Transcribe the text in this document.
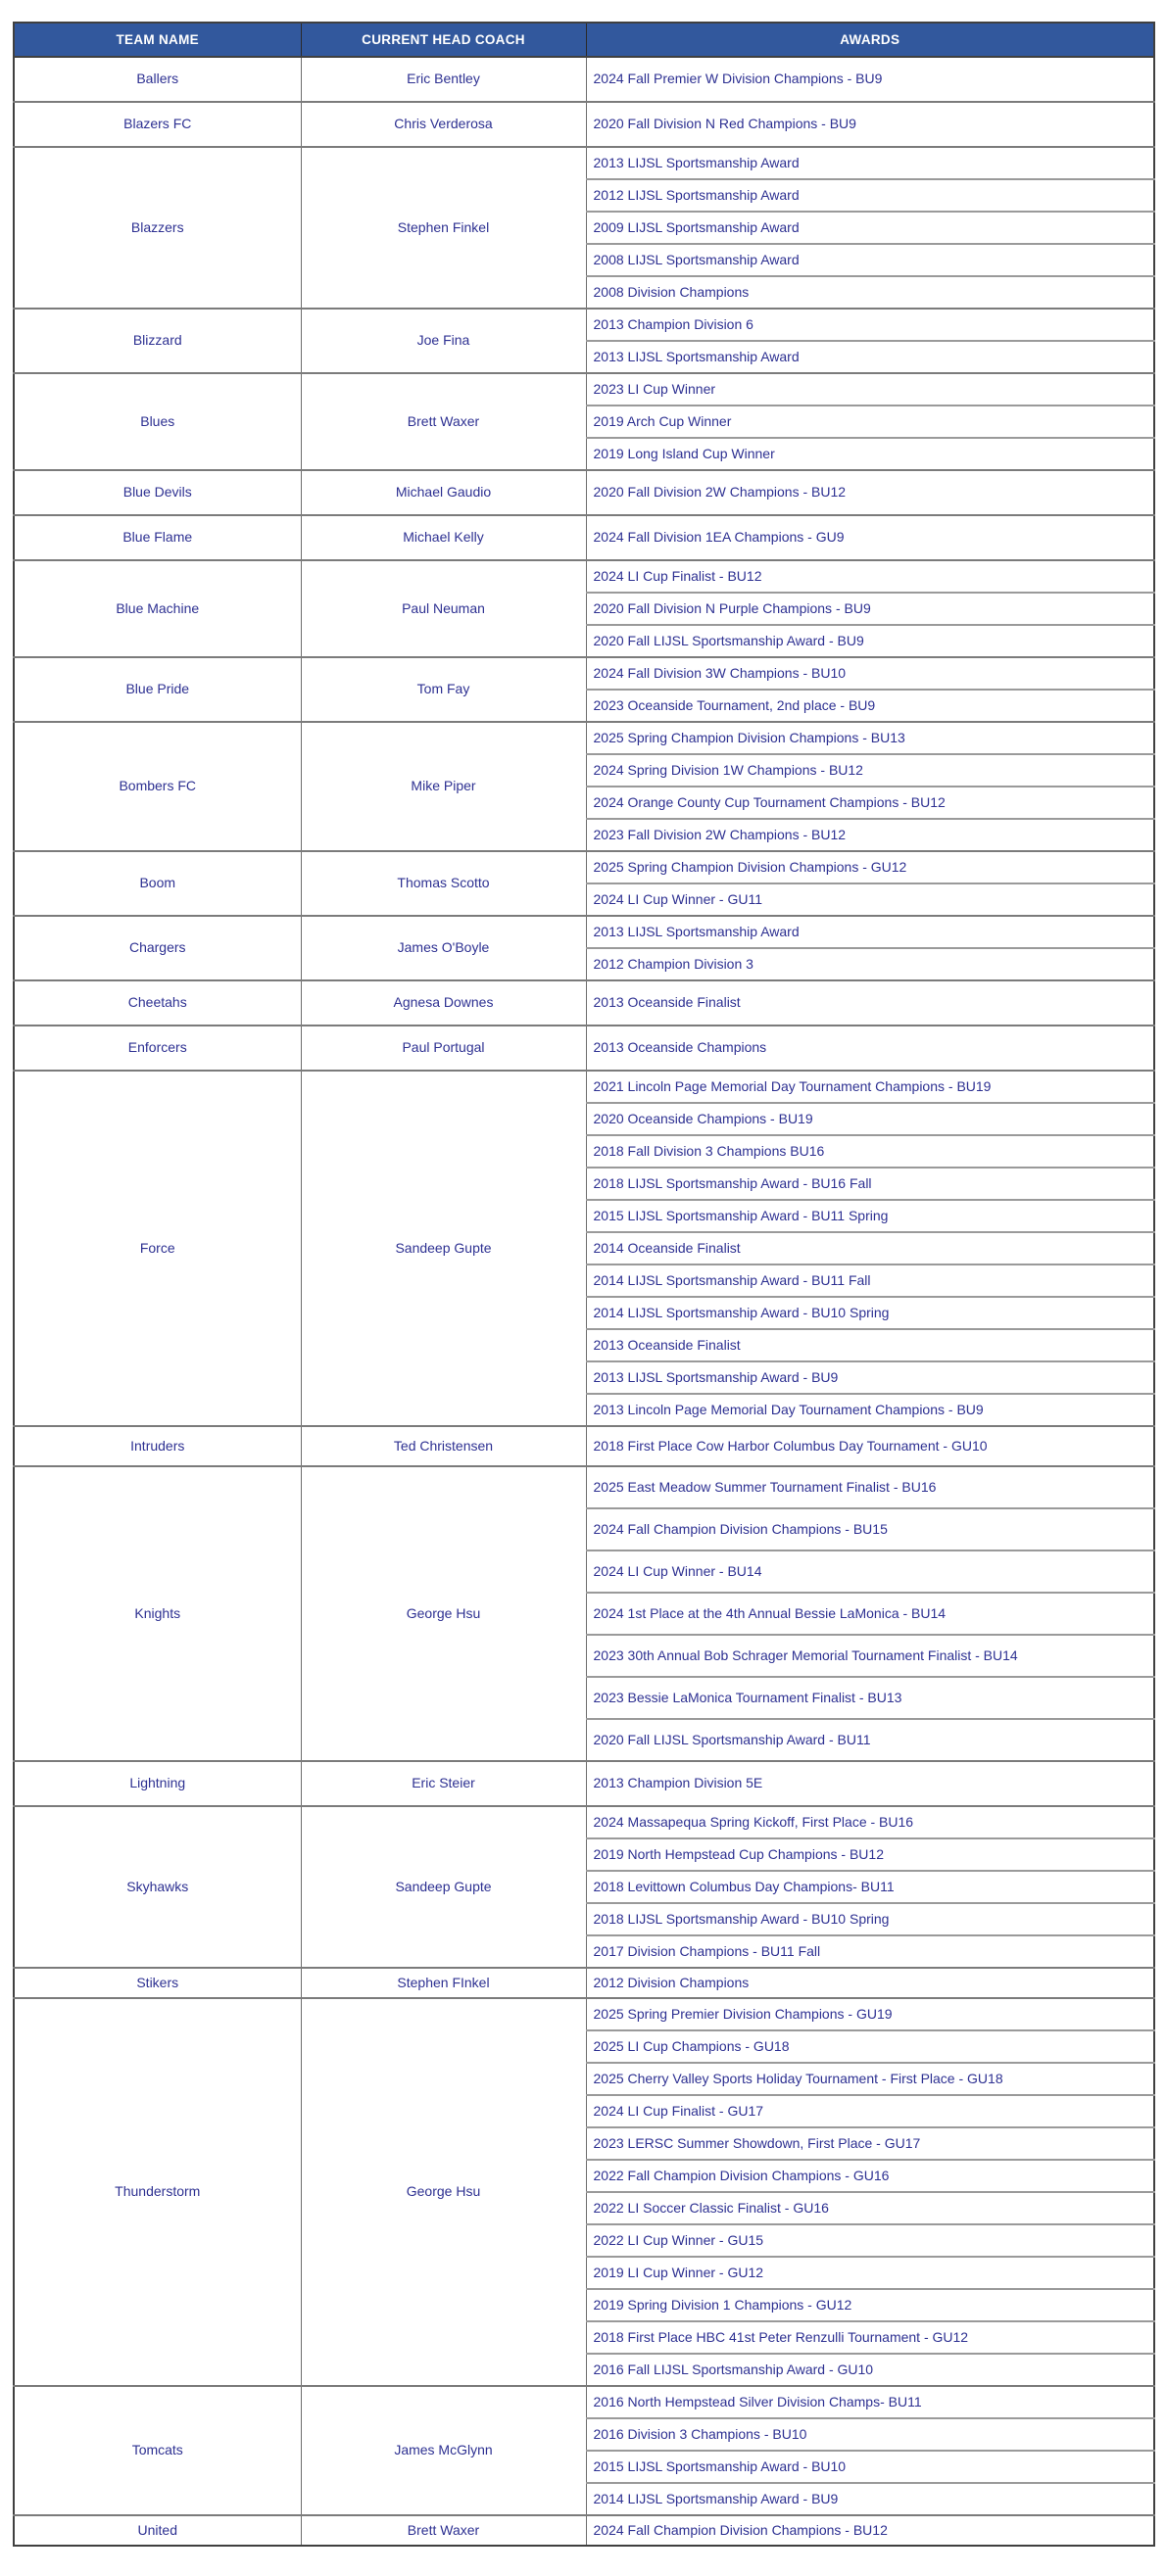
TEAM NAME	CURRENT HEAD COACH	AWARDS
Ballers	Eric Bentley	2024 Fall Premier W Division Champions - BU9
Blazers FC	Chris Verderosa	2020 Fall Division N Red Champions - BU9
Blazzers	Stephen Finkel	2013 LIJSL Sportsmanship Award
		2012 LIJSL Sportsmanship Award
		2009 LIJSL Sportsmanship Award
		2008 LIJSL Sportsmanship Award
		2008 Division Champions
Blizzard	Joe Fina	2013 Champion Division 6
		2013 LIJSL Sportsmanship Award
Blues	Brett Waxer	2023 LI Cup Winner
		2019 Arch Cup Winner
		2019 Long Island Cup Winner
Blue Devils	Michael Gaudio	2020 Fall Division 2W Champions - BU12
Blue Flame	Michael Kelly	2024 Fall Division 1EA Champions - GU9
Blue Machine	Paul Neuman	2024 LI Cup Finalist - BU12
		2020 Fall Division N Purple Champions - BU9
		2020 Fall LIJSL Sportsmanship Award - BU9
Blue Pride	Tom Fay	2024 Fall Division 3W Champions - BU10
		2023 Oceanside Tournament, 2nd place - BU9
Bombers FC	Mike Piper	2025 Spring Champion Division Champions - BU13
		2024 Spring Division 1W Champions - BU12
		2024 Orange County Cup Tournament Champions - BU12
		2023 Fall Division 2W Champions - BU12
Boom	Thomas Scotto	2025 Spring Champion Division Champions - GU12
		2024 LI Cup Winner - GU11
Chargers	James O'Boyle	2013 LIJSL Sportsmanship Award
		2012 Champion Division 3
Cheetahs	Agnesa Downes	2013 Oceanside Finalist
Enforcers	Paul Portugal	2013 Oceanside Champions
Force	Sandeep Gupte	2021 Lincoln Page Memorial Day Tournament Champions - BU19
		2020 Oceanside Champions - BU19
		2018 Fall Division 3 Champions BU16
		2018 LIJSL Sportsmanship Award - BU16 Fall
		2015 LIJSL Sportsmanship Award - BU11 Spring
		2014 Oceanside Finalist
		2014 LIJSL Sportsmanship Award - BU11 Fall
		2014 LIJSL Sportsmanship Award - BU10 Spring
		2013 Oceanside Finalist
		2013 LIJSL Sportsmanship Award - BU9
		2013 Lincoln Page Memorial Day Tournament Champions - BU9
Intruders	Ted Christensen	2018 First Place Cow Harbor Columbus Day Tournament - GU10
Knights	George Hsu	2025 East Meadow Summer Tournament Finalist - BU16
		2024 Fall Champion Division Champions - BU15
		2024 LI Cup Winner - BU14
		2024 1st Place at the 4th Annual Bessie LaMonica - BU14
		2023 30th Annual Bob Schrager Memorial Tournament Finalist - BU14
		2023 Bessie LaMonica Tournament Finalist - BU13
		2020 Fall LIJSL Sportsmanship Award - BU11
Lightning	Eric Steier	2013 Champion Division 5E
Skyhawks	Sandeep Gupte	2024 Massapequa Spring Kickoff, First Place - BU16
		2019 North Hempstead Cup Champions - BU12
		2018 Levittown Columbus Day Champions- BU11
		2018 LIJSL Sportsmanship Award - BU10 Spring
		2017 Division Champions - BU11 Fall
Stikers	Stephen FInkel	2012 Division Champions
Thunderstorm	George Hsu	2025 Spring Premier Division Champions - GU19
		2025 LI Cup Champions - GU18
		2025 Cherry Valley Sports Holiday Tournament - First Place - GU18
		2024 LI Cup Finalist - GU17
		2023 LERSC Summer Showdown, First Place - GU17
		2022 Fall Champion Division Champions - GU16
		2022 LI Soccer Classic Finalist - GU16
		2022 LI Cup Winner - GU15
		2019 LI Cup Winner - GU12
		2019 Spring Division 1 Champions - GU12
		2018 First Place HBC 41st Peter Renzulli Tournament - GU12
		2016 Fall LIJSL Sportsmanship Award - GU10
Tomcats	James McGlynn	2016 North Hempstead Silver Division Champs- BU11
		2016 Division 3 Champions - BU10
		2015 LIJSL Sportsmanship Award - BU10
		2014 LIJSL Sportsmanship Award - BU9
United	Brett Waxer	2024 Fall Champion Division Champions - BU12
